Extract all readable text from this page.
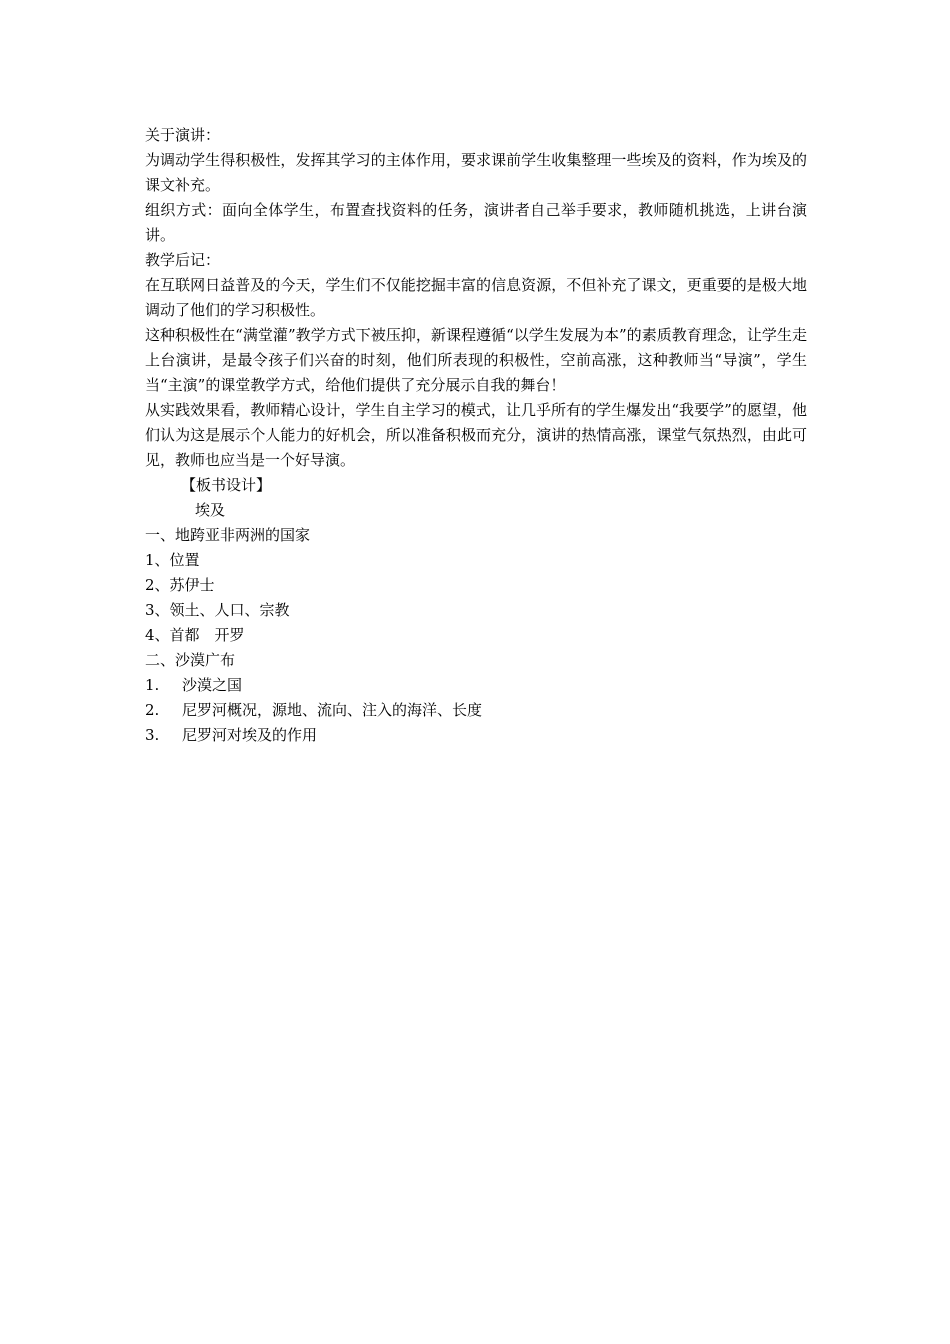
关于演讲：

为调动学生得积极性，发挥其学习的主体作用，要求课前学生收集整理一些埃及的资料，作为埃及的课文补充。

组织方式：面向全体学生，布置查找资料的任务，演讲者自己举手要求，教师随机挑选，上讲台演讲。

教学后记：

在互联网日益普及的今天，学生们不仅能挖掘丰富的信息资源，不但补充了课文，更重要的是极大地调动了他们的学习积极性。

这种积极性在“满堂灌”教学方式下被压抑，新课程遵循“以学生发展为本”的素质教育理念，让学生走上台演讲，是最令孩子们兴奋的时刻，他们所表现的积极性，空前高涨，这种教师当“导演”，学生当“主演”的课堂教学方式，给他们提供了充分展示自我的舞台！

从实践效果看，教师精心设计，学生自主学习的模式，让几乎所有的学生爆发出“我要学”的愿望，他们认为这是展示个人能力的好机会，所以准备积极而充分，演讲的热情高涨，课堂气氛热烈，由此可见，教师也应当是一个好导演。

【板书设计】

埃及

一、地跨亚非两洲的国家

1、位置

2、苏伊士

3、领土、人口、宗教

4、首都　开罗

二、沙漠广布

1.	沙漠之国
2.	尼罗河概况，源地、流向、注入的海洋、长度
3.	尼罗河对埃及的作用
